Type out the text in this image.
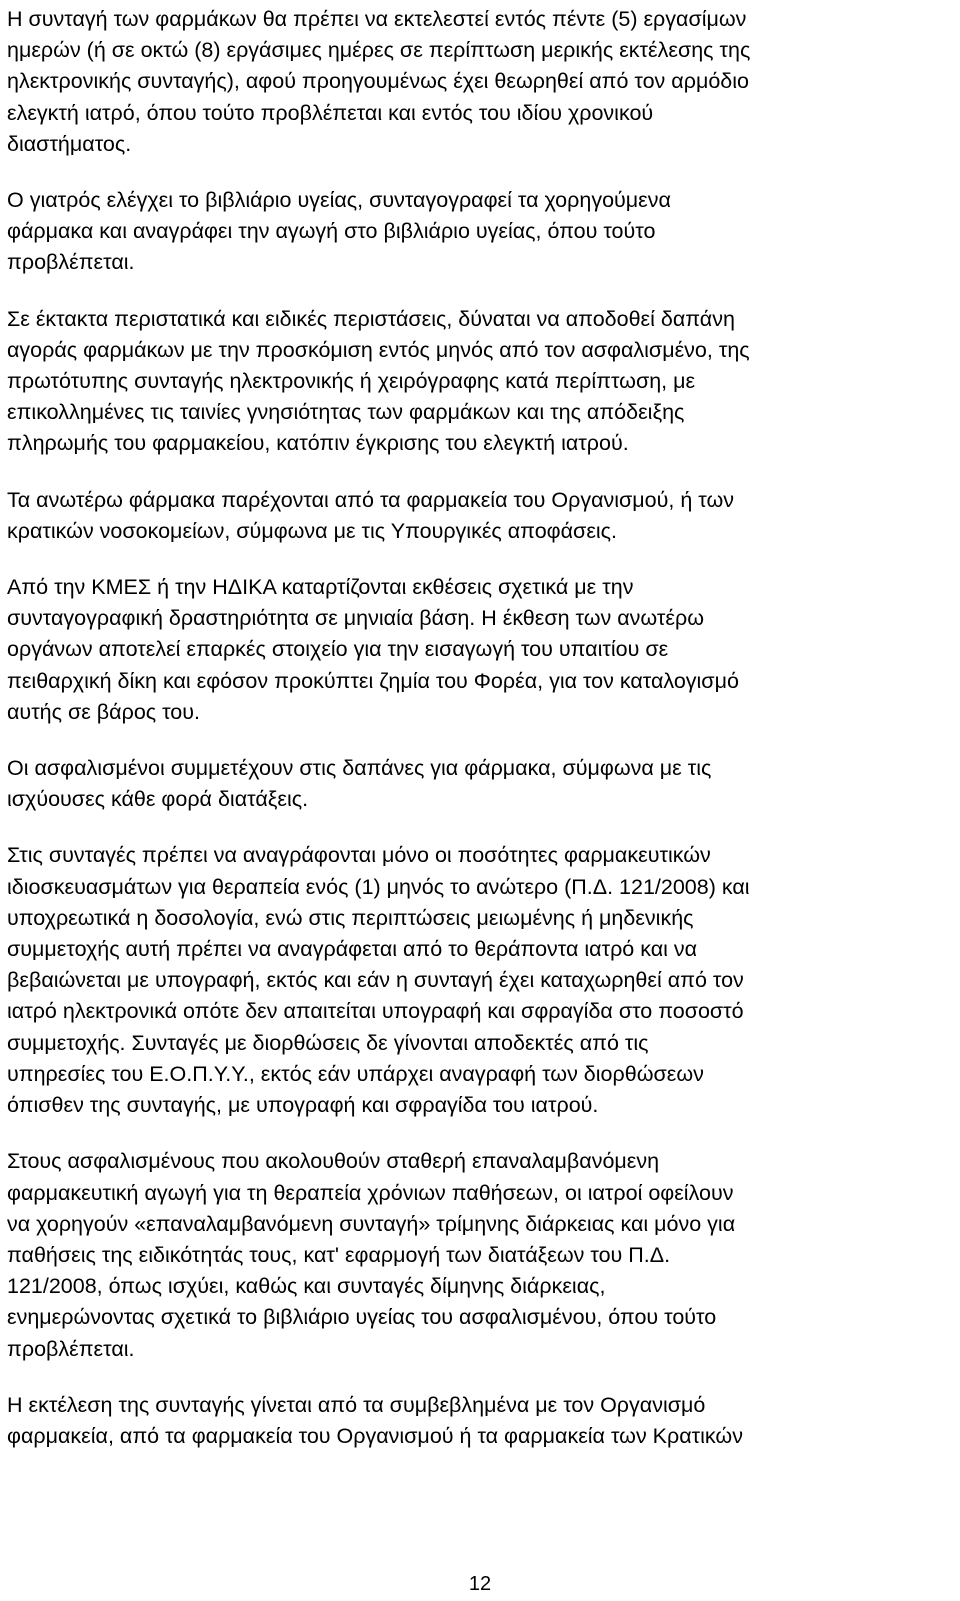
Η συνταγή των φαρμάκων θα πρέπει να εκτελεστεί εντός πέντε (5) εργασίμων
ημερών (ή σε οκτώ (8) εργάσιμες ημέρες σε περίπτωση μερικής εκτέλεσης της
ηλεκτρονικής συνταγής), αφού προηγουμένως έχει θεωρηθεί από τον αρμόδιο
ελεγκτή ιατρό, όπου τούτο προβλέπεται και εντός του ιδίου χρονικού
διαστήματος.

Ο γιατρός ελέγχει το βιβλιάριο υγείας, συνταγογραφεί τα χορηγούμενα
φάρμακα και αναγράφει την αγωγή στο βιβλιάριο υγείας, όπου τούτο
προβλέπεται.

Σε έκτακτα περιστατικά και ειδικές περιστάσεις, δύναται να αποδοθεί δαπάνη
αγοράς φαρμάκων με την προσκόμιση εντός μηνός από τον ασφαλισμένο, της
πρωτότυπης συνταγής ηλεκτρονικής ή χειρόγραφης κατά περίπτωση, με
επικολλημένες τις ταινίες γνησιότητας των φαρμάκων και της απόδειξης
πληρωμής του φαρμακείου, κατόπιν έγκρισης του ελεγκτή ιατρού.

Τα ανωτέρω φάρμακα παρέχονται από τα φαρμακεία του Οργανισμού, ή των
κρατικών νοσοκομείων, σύμφωνα με τις Υπουργικές αποφάσεις.

Από την ΚΜΕΣ ή την ΗΔΙΚΑ καταρτίζονται εκθέσεις σχετικά με την
συνταγογραφική δραστηριότητα σε μηνιαία βάση. Η έκθεση των ανωτέρω
οργάνων αποτελεί επαρκές στοιχείο για την εισαγωγή του υπαιτίου σε
πειθαρχική δίκη και εφόσον προκύπτει ζημία του Φορέα, για τον καταλογισμό
αυτής σε βάρος του.

Οι ασφαλισμένοι συμμετέχουν στις δαπάνες για φάρμακα, σύμφωνα με τις
ισχύουσες κάθε φορά διατάξεις.

Στις συνταγές πρέπει να αναγράφονται μόνο οι ποσότητες φαρμακευτικών
ιδιοσκευασμάτων για θεραπεία ενός (1) μηνός το ανώτερο (Π.Δ. 121/2008) και
υποχρεωτικά η δοσολογία, ενώ στις περιπτώσεις μειωμένης ή μηδενικής
συμμετοχής αυτή πρέπει να αναγράφεται από το θεράποντα ιατρό και να
βεβαιώνεται με υπογραφή, εκτός και εάν η συνταγή έχει καταχωρηθεί από τον
ιατρό ηλεκτρονικά οπότε δεν απαιτείται υπογραφή και σφραγίδα στο ποσοστό
συμμετοχής. Συνταγές με διορθώσεις δε γίνονται αποδεκτές από τις
υπηρεσίες του Ε.Ο.Π.Υ.Υ., εκτός εάν υπάρχει αναγραφή των διορθώσεων
όπισθεν της συνταγής, με υπογραφή και σφραγίδα του ιατρού.

Στους ασφαλισμένους που ακολουθούν σταθερή επαναλαμβανόμενη
φαρμακευτική αγωγή για τη θεραπεία χρόνιων παθήσεων, οι ιατροί οφείλουν
να χορηγούν «επαναλαμβανόμενη συνταγή» τρίμηνης διάρκειας και μόνο για
παθήσεις της ειδικότητάς τους, κατ' εφαρμογή των διατάξεων του Π.Δ.
121/2008, όπως ισχύει, καθώς και συνταγές δίμηνης διάρκειας,
ενημερώνοντας σχετικά το βιβλιάριο υγείας του ασφαλισμένου, όπου τούτο
προβλέπεται.

Η εκτέλεση της συνταγής γίνεται από τα συμβεβλημένα με τον Οργανισμό
φαρμακεία, από τα φαρμακεία του Οργανισμού ή τα φαρμακεία των Κρατικών

12
